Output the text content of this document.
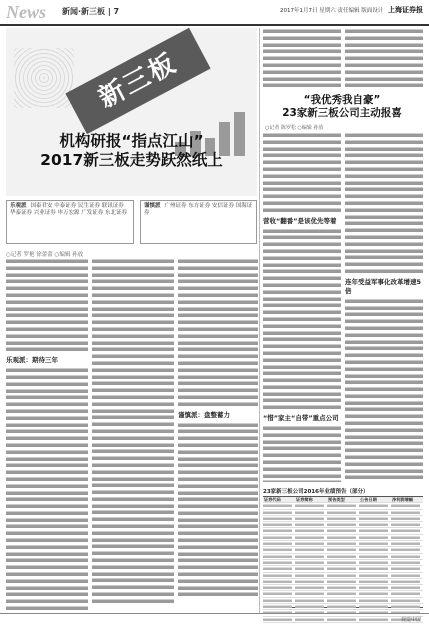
News 新闻·新三板 | 7	2017年1月7日 星期六 责任编辑 版面设计 上海证券报
新三板
机构研报“指点江山”
2017新三板走势跃然纸上
乐观派 国泰君安 中泰证券 民生证券 联讯证券 华泰证券 兴业证券 申万宏源 广发证券 东北证券
谨慎派 广州证券 东方证券 安信证券 国海证券
○记者 罗艳 徐蕾蕾 ○编辑 孙放
乐观派：期待三年
谨慎派：盘整蓄力
“我优秀我自豪”
23家新三板公司主动报喜
○记者 陈罗松 ○编辑 孙放
营收“翻番”是该优先等着
“惜”家主“自带”重点公司
连年受益军事化改革增速5倍
23家新三板公司2016年业绩预告（部分）
证券代码	证券简称	预告类型	公告日期	净利润增幅
视觉中国
